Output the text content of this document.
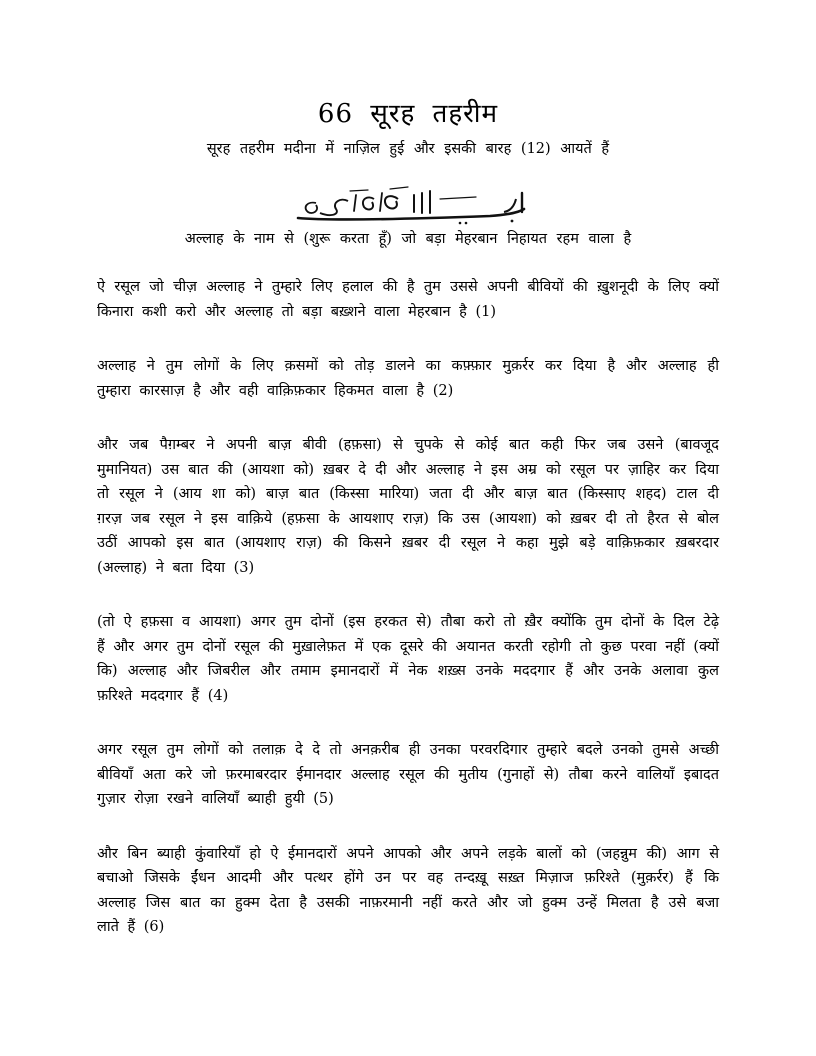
66 सूरह तहरीम

सूरह तहरीम मदीना में नाज़िल हुई और इसकी बारह (12) आयतें हैं

अल्लाह के नाम से (शुरू करता हूँ) जो बड़ा मेहरबान निहायत रहम वाला है

ऐ रसूल जो चीज़ अल्लाह ने तुम्हारे लिए हलाल की है तुम उससे अपनी बीवियों की ख़ुशनूदी के लिए क्यों किनारा कशी करो और अल्लाह तो बड़ा बख़्शने वाला मेहरबान है (1)

अल्लाह ने तुम लोगों के लिए क़समों को तोड़ डालने का कफ़्फ़ार मुक़र्रर कर दिया है और अल्लाह ही तुम्हारा कारसाज़ है और वही वाक़िफ़कार हिकमत वाला है (2)

और जब पैग़म्बर ने अपनी बाज़ बीवी (हफ़सा) से चुपके से कोई बात कही फिर जब उसने (बावजूद मुमानियत) उस बात की (आयशा को) ख़बर दे दी और अल्लाह ने इस अम्र को रसूल पर ज़ाहिर कर दिया तो रसूल ने (आय शा को) बाज़ बात (किस्सा मारिया) जता दी और बाज़ बात (किस्साए शहद) टाल दी ग़रज़ जब रसूल ने इस वाक़िये (हफ़सा के आयशाए राज़) कि उस (आयशा) को ख़बर दी तो हैरत से बोल उठीं आपको इस बात (आयशाए राज़) की किसने ख़बर दी रसूल ने कहा मुझे बड़े वाक़िफ़कार ख़बरदार (अल्लाह) ने बता दिया (3)

(तो ऐ हफ़सा व आयशा) अगर तुम दोनों (इस हरकत से) तौबा करो तो ख़ैर क्योंकि तुम दोनों के दिल टेढ़े हैं और अगर तुम दोनों रसूल की मुख़ालेफ़त में एक दूसरे की अयानत करती रहोगी तो कुछ परवा नहीं (क्यों कि) अल्लाह और जिबरील और तमाम इमानदारों में नेक शख़्स उनके मददगार हैं और उनके अलावा कुल फ़रिश्ते मददगार हैं (4)

अगर रसूल तुम लोगों को तलाक़ दे दे तो अनक़रीब ही उनका परवरदिगार तुम्हारे बदले उनको तुमसे अच्छी बीवियाँ अता करे जो फ़रमाबरदार ईमानदार अल्लाह रसूल की मुतीय (गुनाहों से) तौबा करने वालियाँ इबादत गुज़ार रोज़ा रखने वालियाँ ब्याही हुयी (5)

और बिन ब्याही कुंवारियाँ हो ऐ ईमानदारों अपने आपको और अपने लड़के बालों को (जहन्नुम की) आग से बचाओ जिसके ईंधन आदमी और पत्थर होंगे उन पर वह तन्दख़ू सख़्त मिज़ाज फ़रिश्ते (मुक़र्रर) हैं कि अल्लाह जिस बात का हुक्म देता है उसकी नाफ़रमानी नहीं करते और जो हुक्म उन्हें मिलता है उसे बजा लाते हैं (6)
